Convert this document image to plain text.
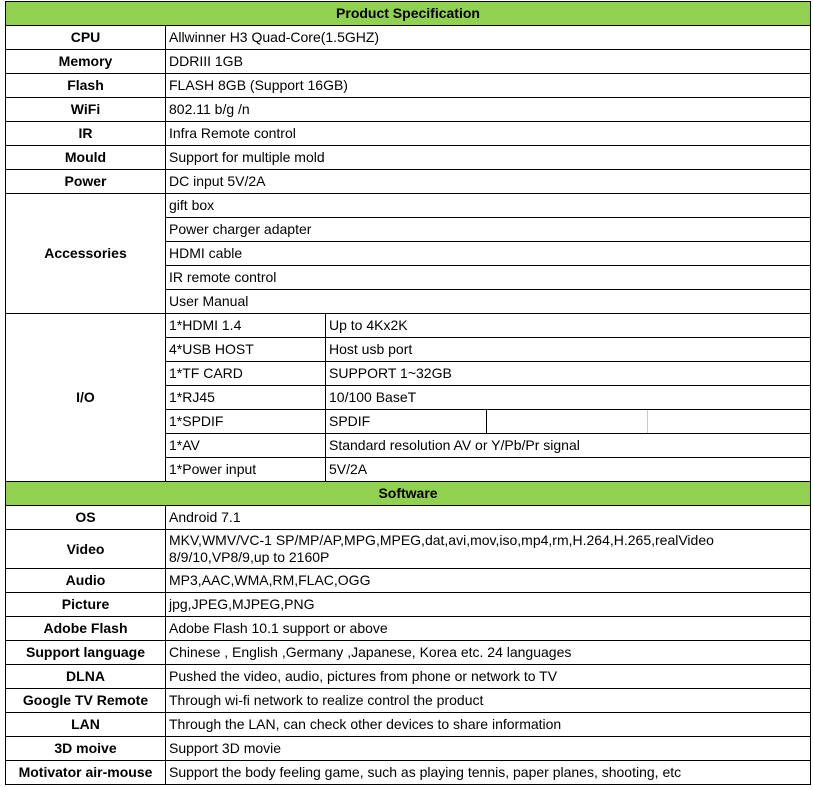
Product Specification				
CPU	Allwinner H3 Quad-Core(1.5GHZ)			
Memory	DDRIII 1GB			
Flash	FLASH 8GB (Support 16GB)			
WiFi	802.11 b/g /n			
IR	Infra Remote control			
Mould	Support for multiple mold			
Power	DC input 5V/2A			
Accessories	gift box			
	Power charger adapter			
	HDMI cable			
	IR remote control			
	User Manual			
I/O	1*HDMI 1.4	Up to 4Kx2K		
	4*USB HOST	Host usb port		
	1*TF CARD	SUPPORT 1~32GB		
	1*RJ45	10/100 BaseT		
	1*SPDIF	SPDIF		
	1*AV	Standard resolution AV or Y/Pb/Pr signal		
	1*Power input	5V/2A		
Software				
OS	Android 7.1			
Video	MKV,WMV/VC-1 SP/MP/AP,MPG,MPEG,dat,avi,mov,iso,mp4,rm,H.264,H.265,realVideo 8/9/10,VP8/9,up to 2160P			
Audio	MP3,AAC,WMA,RM,FLAC,OGG			
Picture	jpg,JPEG,MJPEG,PNG			
Adobe Flash	Adobe Flash 10.1 support or above			
Support language	Chinese , English ,Germany ,Japanese, Korea etc. 24 languages			
DLNA	Pushed the video, audio, pictures from phone or network to TV			
Google TV Remote	Through wi-fi network to realize control the product			
LAN	Through the LAN, can check other devices to share information			
3D moive	Support 3D movie			
Motivator air-mouse	Support the body feeling game, such as playing tennis, paper planes, shooting, etc			
